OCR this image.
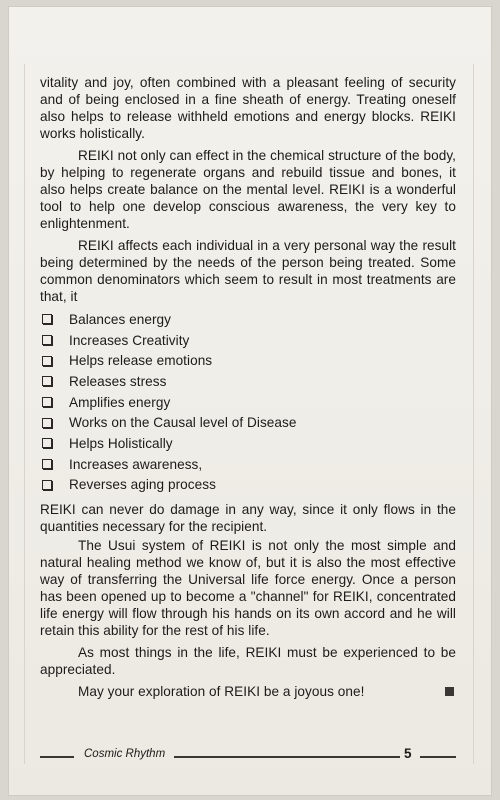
vitality and joy, often combined with a pleasant feeling of security and of being enclosed in a fine sheath of energy. Treating oneself also helps to release withheld emotions and energy blocks. REIKI works holistically.

REIKI not only can effect in the chemical structure of the body, by helping to regenerate organs and rebuild tissue and bones, it also helps create balance on the mental level. REIKI is a wonderful tool to help one develop conscious awareness, the very key to enlightenment.

REIKI affects each individual in a very personal way the result being determined by the needs of the person being treated. Some common denominators which seem to result in most treatments are that, it

Balances energy
Increases Creativity
Helps release emotions
Releases stress
Amplifies energy
Works on the Causal level of Disease
Helps Holistically
Increases awareness,
Reverses aging process

REIKI can never do damage in any way, since it only flows in the quantities necessary for the recipient.

The Usui system of REIKI is not only the most simple and natural healing method we know of, but it is also the most effective way of transferring the Universal life force energy. Once a person has been opened up to become a "channel" for REIKI, concentrated life energy will flow through his hands on its own accord and he will retain this ability for the rest of his life.

As most things in the life, REIKI must be experienced to be appreciated.

May your exploration of REIKI be a joyous one!

Cosmic Rhythm	5
